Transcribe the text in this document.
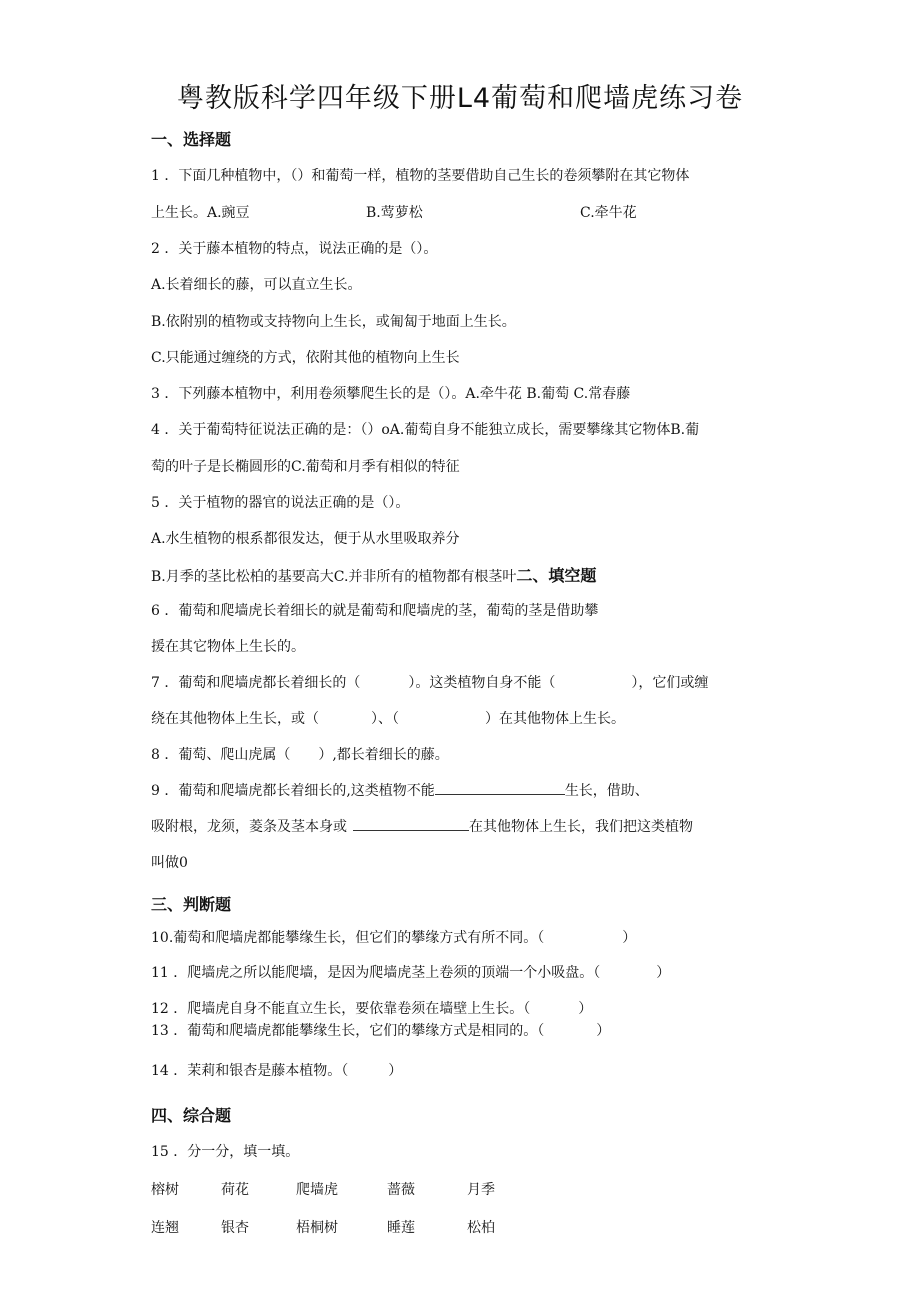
粤教版科学四年级下册L4葡萄和爬墙虎练习卷
一、选择题
1 ．下面几种植物中，（）和葡萄一样，植物的茎要借助自己生长的卷须攀附在其它物体
上生长。A.豌豆	B.莺萝松	C.牵牛花
2 ．关于藤本植物的特点，说法正确的是（）。
A.长着细长的藤，可以直立生长。
B.依附别的植物或支持物向上生长，或匍匐于地面上生长。
C.只能通过缠绕的方式，依附其他的植物向上生长
3 ．下列藤本植物中，利用卷须攀爬生长的是（）。A.牵牛花 B.葡萄 C.常春藤
4 ．关于葡萄特征说法正确的是：（）oA.葡萄自身不能独立成长，需要攀缘其它物体B.葡
萄的叶子是长椭圆形的C.葡萄和月季有相似的特征
5 ．关于植物的器官的说法正确的是（）。
A.水生植物的根系都很发达，便于从水里吸取养分
B.月季的茎比松柏的基要高大C.并非所有的植物都有根茎叶二、填空题
6 ．葡萄和爬墙虎长着细长的就是葡萄和爬墙虎的茎，葡萄的茎是借助攀
援在其它物体上生长的。
7 ．葡萄和爬墙虎都长着细长的（	）。这类植物自身不能（	），它们或缠
绕在其他物体上生长，或（	）、（	）在其他物体上生长。
8 ．葡萄、爬山虎属（ ）,都长着细长的藤。
9 ．葡萄和爬墙虎都长着细长的,这类植物不能	生长，借助、
吸附根，龙须，菱条及茎本身或	在其他物体上生长，我们把这类植物
叫做0
三、判断题
10.葡萄和爬墙虎都能攀缘生长，但它们的攀缘方式有所不同。（	）
11 ．爬墙虎之所以能爬墙，是因为爬墙虎茎上卷须的顶端一个小吸盘。（	）
12 ．爬墙虎自身不能直立生长，要依靠卷须在墙壁上生长。（	）
13 ．葡萄和爬墙虎都能攀缘生长，它们的攀缘方式是相同的。（	）
14 ．茉莉和银杏是藤本植物。（	）
四、综合题
15 ．分一分，填一填。
榕树	荷花	爬墙虎	蔷薇	月季
连翘	银杏	梧桐树	睡莲	松柏
